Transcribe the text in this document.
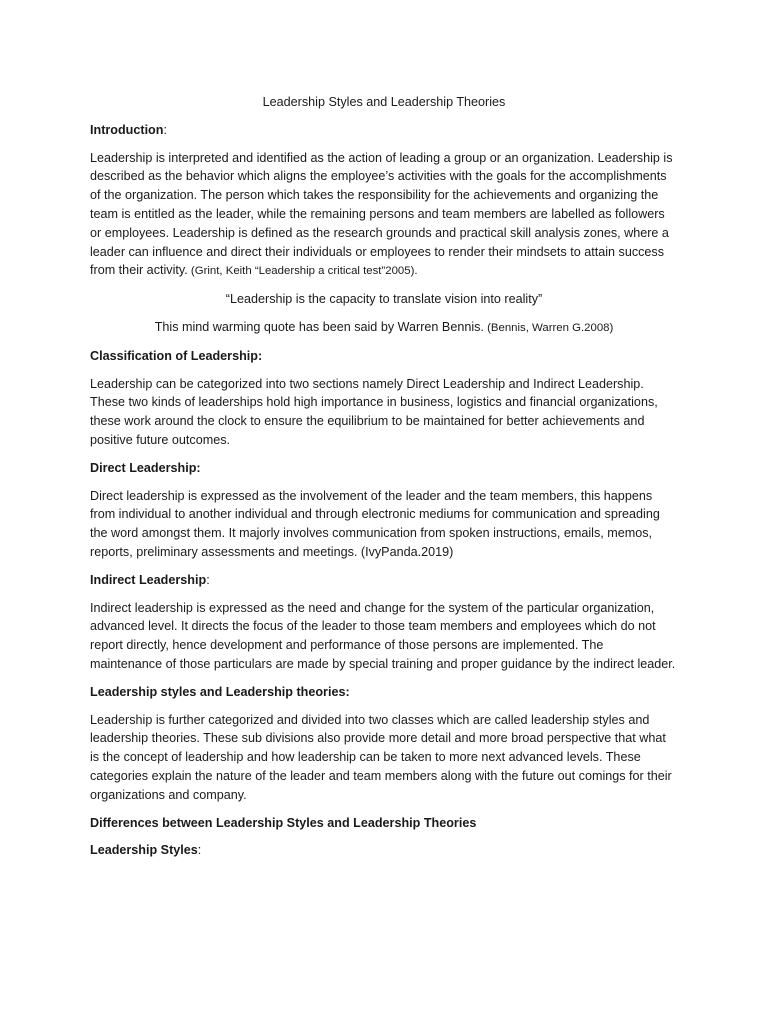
Leadership Styles and Leadership Theories
Introduction:

Leadership is interpreted and identified as the action of leading a group or an organization. Leadership is described as the behavior which aligns the employee’s activities with the goals for the accomplishments of the organization. The person which takes the responsibility for the achievements and organizing the team is entitled as the leader, while the remaining persons and team members are labelled as followers or employees. Leadership is defined as the research grounds and practical skill analysis zones, where a leader can influence and direct their individuals or employees to render their mindsets to attain success from their activity. (Grint, Keith “Leadership a critical test”2005).

“Leadership is the capacity to translate vision into reality”

This mind warming quote has been said by Warren Bennis. (Bennis, Warren G.2008)

Classification of Leadership:

Leadership can be categorized into two sections namely Direct Leadership and Indirect Leadership. These two kinds of leaderships hold high importance in business, logistics and financial organizations, these work around the clock to ensure the equilibrium to be maintained for better achievements and positive future outcomes.

Direct Leadership:

Direct leadership is expressed as the involvement of the leader and the team members, this happens from individual to another individual and through electronic mediums for communication and spreading the word amongst them. It majorly involves communication from spoken instructions, emails, memos, reports, preliminary assessments and meetings. (IvyPanda.2019)

Indirect Leadership:

Indirect leadership is expressed as the need and change for the system of the particular organization, advanced level. It directs the focus of the leader to those team members and employees which do not report directly, hence development and performance of those persons are implemented. The maintenance of those particulars are made by special training and proper guidance by the indirect leader.

Leadership styles and Leadership theories:

Leadership is further categorized and divided into two classes which are called leadership styles and leadership theories. These sub divisions also provide more detail and more broad perspective that what is the concept of leadership and how leadership can be taken to more next advanced levels. These categories explain the nature of the leader and team members along with the future out comings for their organizations and company.

Differences between Leadership Styles and Leadership Theories
Leadership Styles:
